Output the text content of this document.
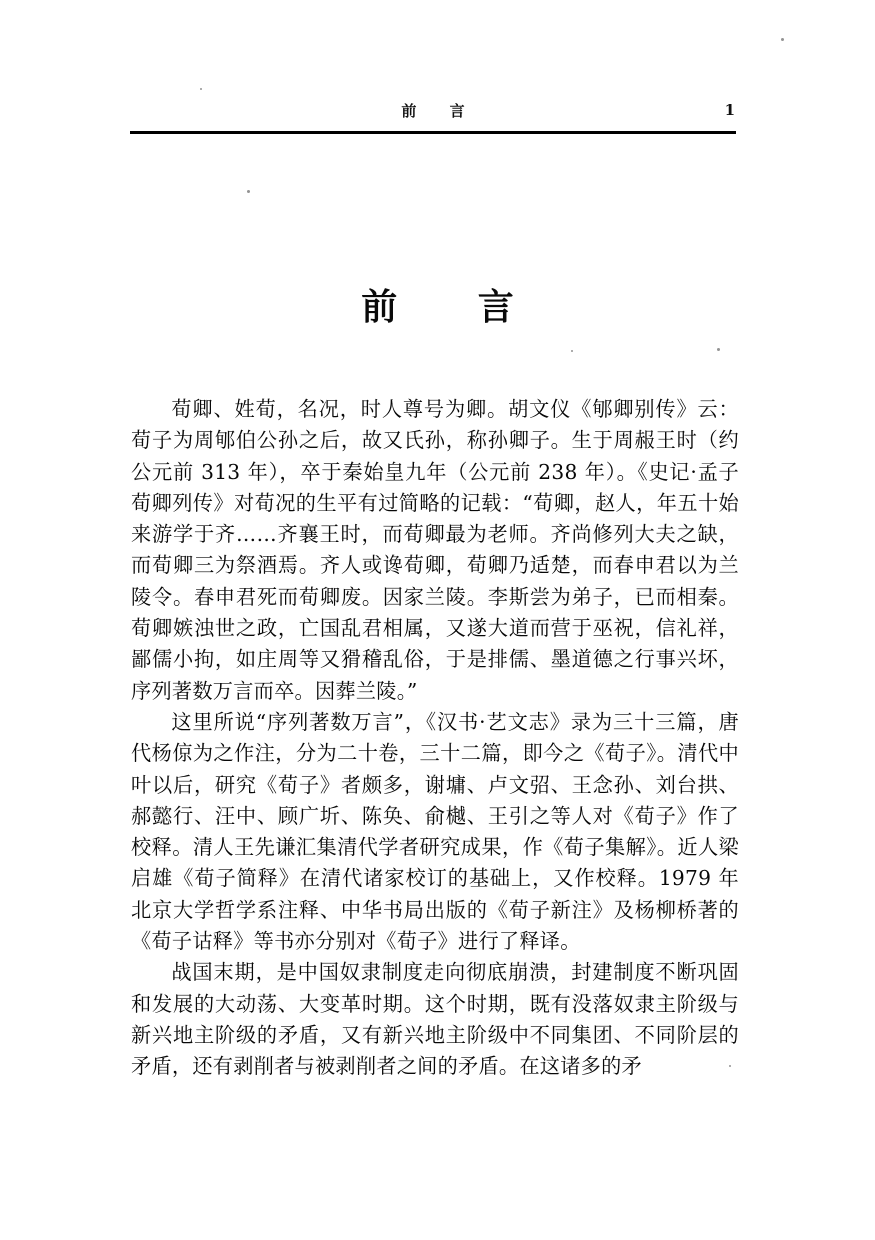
前 言	1
前 言

荀卿、姓荀，名况，时人尊号为卿。胡文仪《郇卿别传》云：荀子为周郇伯公孙之后，故又氏孙，称孙卿子。生于周赧王时（约公元前 313 年），卒于秦始皇九年（公元前 238 年）。《史记·孟子荀卿列传》对荀况的生平有过简略的记载：“荀卿，赵人，年五十始来游学于齐……齐襄王时，而荀卿最为老师。齐尚修列大夫之缺，而荀卿三为祭酒焉。齐人或谗荀卿，荀卿乃适楚，而春申君以为兰陵令。春申君死而荀卿废。因家兰陵。李斯尝为弟子，已而相秦。荀卿嫉浊世之政，亡国乱君相属，又遂大道而营于巫祝，信礼祥，鄙儒小拘，如庄周等又猾稽乱俗，于是排儒、墨道德之行事兴坏，序列著数万言而卒。因葬兰陵。”

这里所说“序列著数万言”，《汉书·艺文志》录为三十三篇，唐代杨倞为之作注，分为二十卷，三十二篇，即今之《荀子》。清代中叶以后，研究《荀子》者颇多，谢墉、卢文弨、王念孙、刘台拱、郝懿行、汪中、顾广圻、陈奂、俞樾、王引之等人对《荀子》作了校释。清人王先谦汇集清代学者研究成果，作《荀子集解》。近人梁启雄《荀子简释》在清代诸家校订的基础上，又作校释。1979 年北京大学哲学系注释、中华书局出版的《荀子新注》及杨柳桥著的《荀子诂释》等书亦分别对《荀子》进行了释译。

战国末期，是中国奴隶制度走向彻底崩溃，封建制度不断巩固和发展的大动荡、大变革时期。这个时期，既有没落奴隶主阶级与新兴地主阶级的矛盾，又有新兴地主阶级中不同集团、不同阶层的矛盾，还有剥削者与被剥削者之间的矛盾。在这诸多的矛
